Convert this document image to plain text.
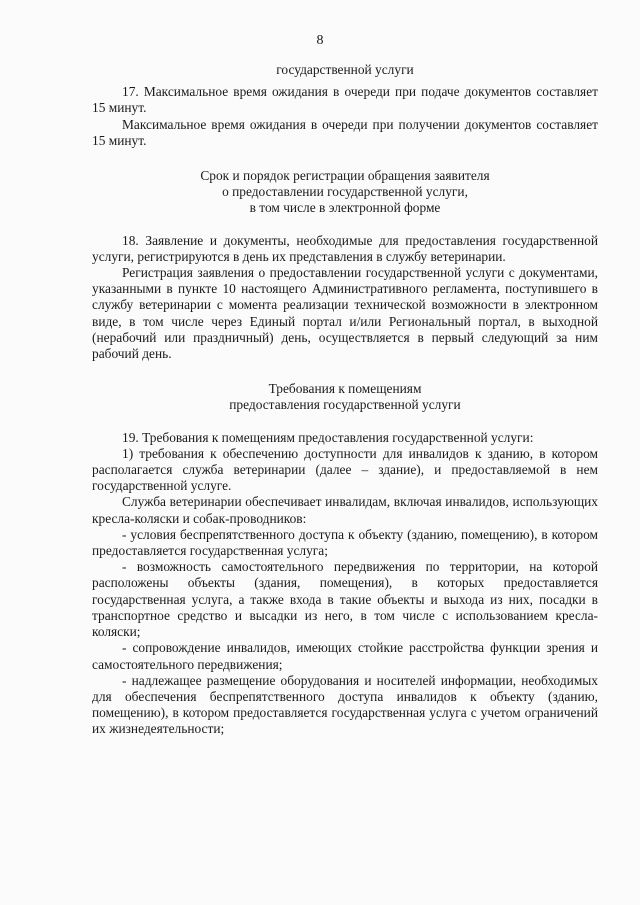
8

государственной услуги

17. Максимальное время ожидания в очереди при подаче документов составляет 15 минут.

Максимальное время ожидания в очереди при получении документов составляет 15 минут.

Срок и порядок регистрации обращения заявителя

о предоставлении государственной услуги,

в том числе в электронной форме

18. Заявление и документы, необходимые для предоставления государственной услуги, регистрируются в день их представления в службу ветеринарии.

Регистрация заявления о предоставлении государственной услуги с документами, указанными в пункте 10 настоящего Административного регламента, поступившего в службу ветеринарии с момента реализации технической возможности в электронном виде, в том числе через Единый портал и/или Региональный портал, в выходной (нерабочий или праздничный) день, осуществляется в первый следующий за ним рабочий день.

Требования к помещениям

предоставления государственной услуги

19. Требования к помещениям предоставления государственной услуги:

1) требования к обеспечению доступности для инвалидов к зданию, в котором располагается служба ветеринарии (далее – здание), и предоставляемой в нем государственной услуге.

Служба ветеринарии обеспечивает инвалидам, включая инвалидов, использующих кресла-коляски и собак-проводников:

- условия беспрепятственного доступа к объекту (зданию, помещению), в котором предоставляется государственная услуга;

- возможность самостоятельного передвижения по территории, на которой расположены объекты (здания, помещения), в которых предоставляется государственная услуга, а также входа в такие объекты и выхода из них, посадки в транспортное средство и высадки из него, в том числе с использованием кресла-коляски;

- сопровождение инвалидов, имеющих стойкие расстройства функции зрения и самостоятельного передвижения;

- надлежащее размещение оборудования и носителей информации, необходимых для обеспечения беспрепятственного доступа инвалидов к объекту (зданию, помещению), в котором предоставляется государственная услуга с учетом ограничений их жизнедеятельности;
